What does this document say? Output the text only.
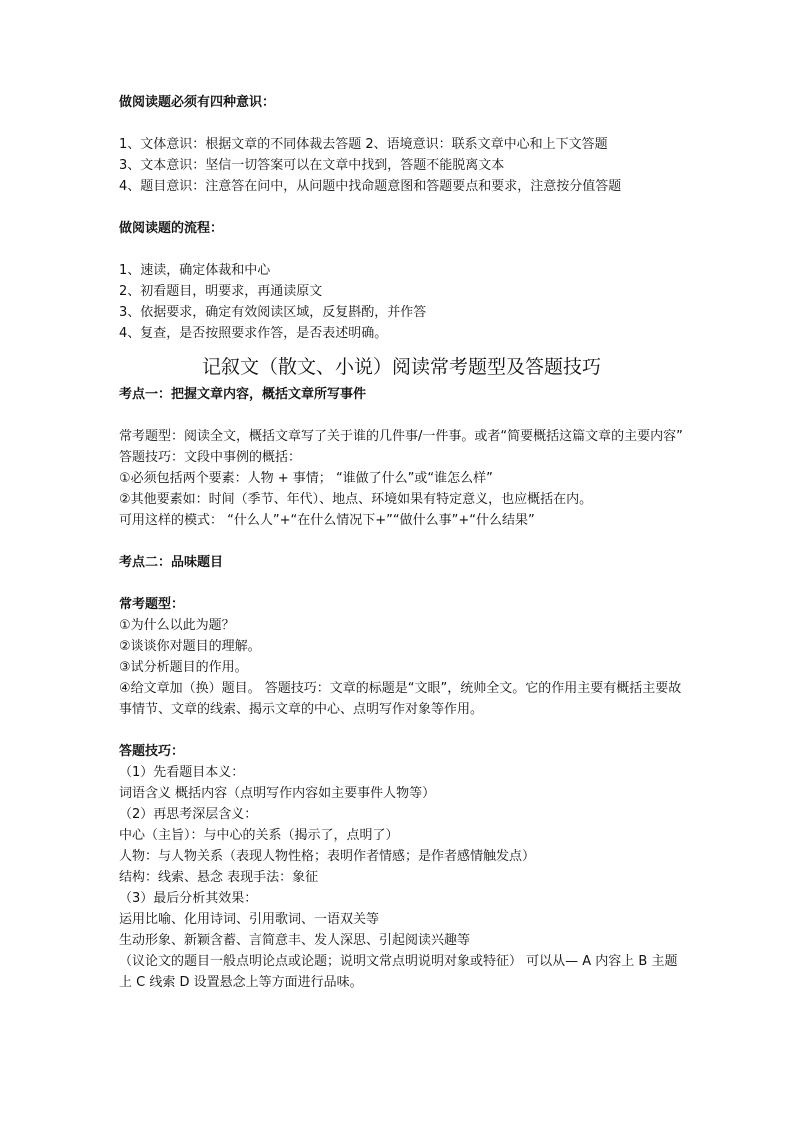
做阅读题必须有四种意识：
1、文体意识：根据文章的不同体裁去答题 2、语境意识：联系文章中心和上下文答题
3、文本意识：坚信一切答案可以在文章中找到，答题不能脱离文本
4、题目意识：注意答在问中，从问题中找命题意图和答题要点和要求，注意按分值答题
做阅读题的流程：
1、速读，确定体裁和中心
2、初看题目，明要求，再通读原文
3、依据要求，确定有效阅读区域，反复斟酌，并作答
4、复查，是否按照要求作答，是否表述明确。
记叙文（散文、小说）阅读常考题型及答题技巧
考点一：把握文章内容，概括文章所写事件
常考题型：阅读全文，概括文章写了关于谁的几件事/一件事。或者“简要概括这篇文章的主要内容” 答题技巧：文段中事例的概括：
①必须包括两个要素：人物 + 事情； “谁做了什么”或“谁怎么样”
②其他要素如：时间（季节、年代）、地点、环境如果有特定意义，也应概括在内。
可用这样的模式： “什么人”+“在什么情况下+”“做什么事”+“什么结果”
考点二：品味题目
常考题型：
①为什么以此为题？
②谈谈你对题目的理解。
③试分析题目的作用。
④给文章加（换）题目。 答题技巧：文章的标题是“文眼”，统帅全文。它的作用主要有概括主要故事情节、文章的线索、揭示文章的中心、点明写作对象等作用。
答题技巧：
（1）先看题目本义：
词语含义 概括内容（点明写作内容如主要事件人物等）
（2）再思考深层含义：
中心（主旨）：与中心的关系（揭示了，点明了）
人物：与人物关系（表现人物性格；表明作者情感；是作者感情触发点）
结构：线索、悬念 表现手法：象征
（3）最后分析其效果：
运用比喻、化用诗词、引用歌词、一语双关等
生动形象、新颖含蓄、言简意丰、发人深思、引起阅读兴趣等
（议论文的题目一般点明论点或论题；说明文常点明说明对象或特征） 可以从— A 内容上 B 主题上 C 线索 D 设置悬念上等方面进行品味。
